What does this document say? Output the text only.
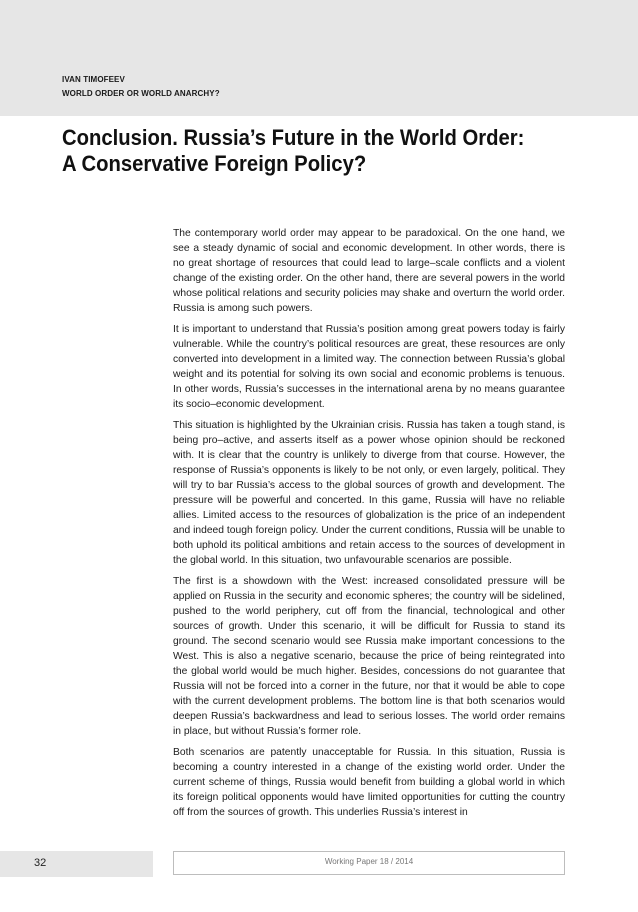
IVAN TIMOFEEV
WORLD ORDER OR WORLD ANARCHY?
Conclusion. Russia’s Future in the World Order:
A Conservative Foreign Policy?

The contemporary world order may appear to be paradoxical. On the one hand, we see a steady dynamic of social and economic development. In other words, there is no great shortage of resources that could lead to large–scale conflicts and a violent change of the existing order. On the other hand, there are several powers in the world whose political relations and security policies may shake and overturn the world order. Russia is among such powers.

It is important to understand that Russia’s position among great powers today is fairly vulnerable. While the country’s political resources are great, these resources are only converted into development in a limited way. The connection between Russia’s global weight and its potential for solving its own social and economic problems is tenuous. In other words, Russia’s successes in the international arena by no means guarantee its socio–economic development.

This situation is highlighted by the Ukrainian crisis. Russia has taken a tough stand, is being pro–active, and asserts itself as a power whose opinion should be reckoned with. It is clear that the country is unlikely to diverge from that course. However, the response of Russia’s opponents is likely to be not only, or even largely, political. They will try to bar Russia’s access to the global sources of growth and development. The pressure will be powerful and concerted. In this game, Russia will have no reliable allies. Limited access to the resources of globalization is the price of an independent and indeed tough foreign policy. Under the current conditions, Russia will be unable to both uphold its political ambitions and retain access to the sources of development in the global world. In this situation, two unfavourable scenarios are possible.

The first is a showdown with the West: increased consolidated pressure will be applied on Russia in the security and economic spheres; the country will be sidelined, pushed to the world periphery, cut off from the financial, technological and other sources of growth. Under this scenario, it will be difficult for Russia to stand its ground. The second scenario would see Russia make important concessions to the West. This is also a negative scenario, because the price of being reintegrated into the global world would be much higher. Besides, concessions do not guarantee that Russia will not be forced into a corner in the future, nor that it would be able to cope with the current development problems. The bottom line is that both scenarios would deepen Russia’s backwardness and lead to serious losses. The world order remains in place, but without Russia’s former role.

Both scenarios are patently unacceptable for Russia. In this situation, Russia is becoming a country interested in a change of the existing world order. Under the current scheme of things, Russia would benefit from building a global world in which its foreign political opponents would have limited opportunities for cutting the country off from the sources of growth. This underlies Russia’s interest in

32	Working Paper 18 / 2014
